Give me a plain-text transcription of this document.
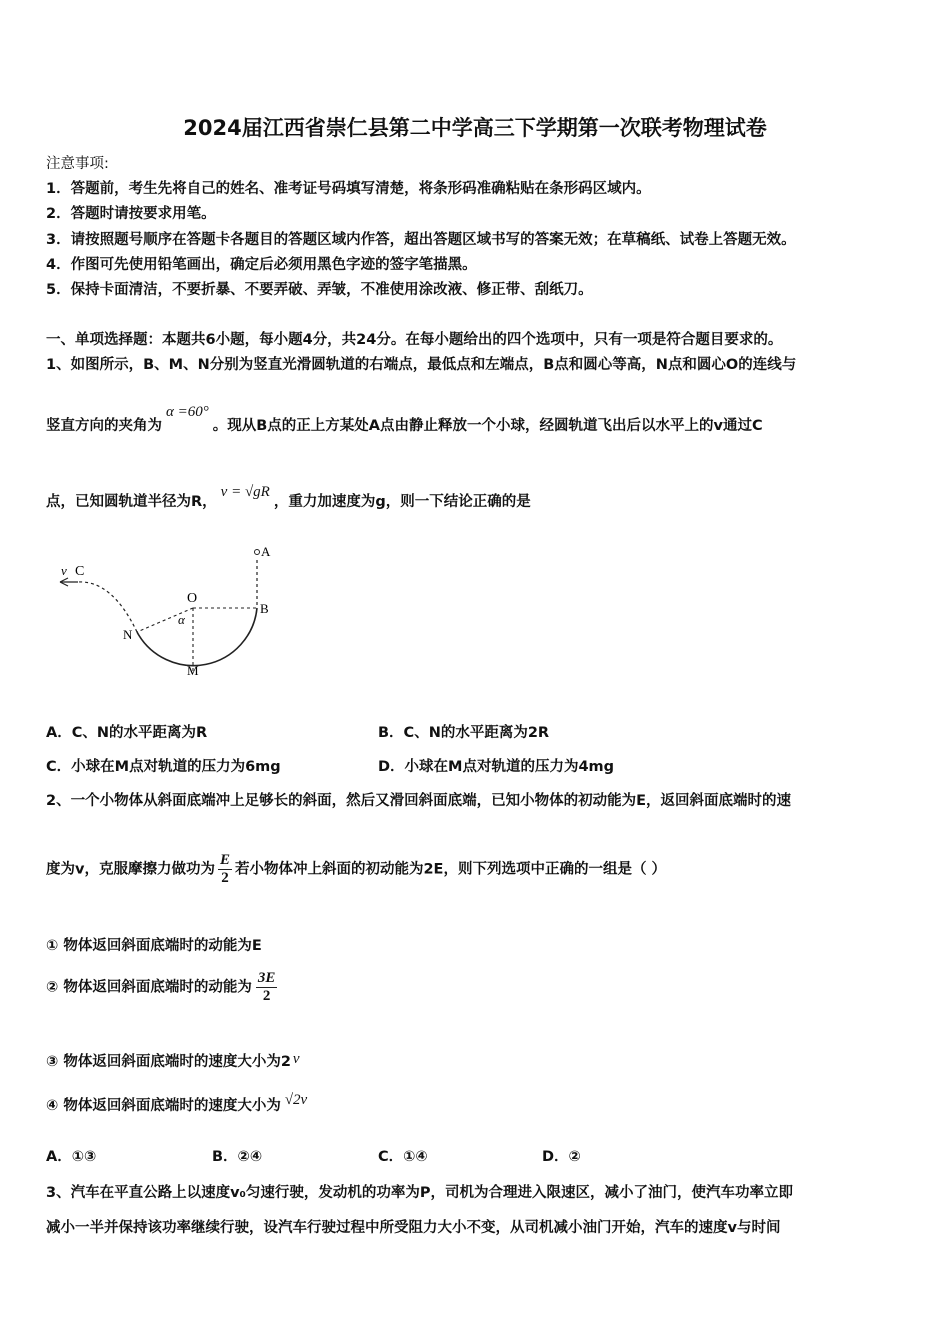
2024届江西省崇仁县第二中学高三下学期第一次联考物理试卷
注意事项:
1．答题前，考生先将自己的姓名、准考证号码填写清楚，将条形码准确粘贴在条形码区域内。
2．答题时请按要求用笔。
3．请按照题号顺序在答题卡各题目的答题区域内作答，超出答题区域书写的答案无效；在草稿纸、试卷上答题无效。
4．作图可先使用铅笔画出，确定后必须用黑色字迹的签字笔描黑。
5．保持卡面清洁，不要折暴、不要弄破、弄皱，不准使用涂改液、修正带、刮纸刀。
一、单项选择题：本题共6小题，每小题4分，共24分。在每小题给出的四个选项中，只有一项是符合题目要求的。
1、如图所示，B、M、N分别为竖直光滑圆轨道的右端点，最低点和左端点，B点和圆心等高，N点和圆心O的连线与
竖直方向的夹角为α =60°。现从B点的正上方某处A点由静止释放一个小球，经圆轨道飞出后以水平上的v通过C
点，已知圆轨道半径为R，v = √gR，重力加速度为g，则一下结论正确的是
A
v C
O
B
N
M
α
A．C、N的水平距离为R	B．C、N的水平距离为2R
C．小球在M点对轨道的压力为6mg	D．小球在M点对轨道的压力为4mg
2、一个小物体从斜面底端冲上足够长的斜面，然后又滑回斜面底端，已知小物体的初动能为E，返回斜面底端时的速
度为v，克服摩擦力做功为 $\frac{E}{2}$ 若小物体冲上斜面的初动能为2E，则下列选项中正确的一组是（ ）
① 物体返回斜面底端时的动能为E
② 物体返回斜面底端时的动能为 $\frac{3E}{2}$
③ 物体返回斜面底端时的速度大小为2 v
④ 物体返回斜面底端时的速度大小为 √2v
A．①③	B．②④	C．①④	D．②
3、汽车在平直公路上以速度v₀匀速行驶，发动机的功率为P，司机为合理进入限速区，减小了油门，使汽车功率立即
减小一半并保持该功率继续行驶，设汽车行驶过程中所受阻力大小不变，从司机减小油门开始，汽车的速度v与时间
